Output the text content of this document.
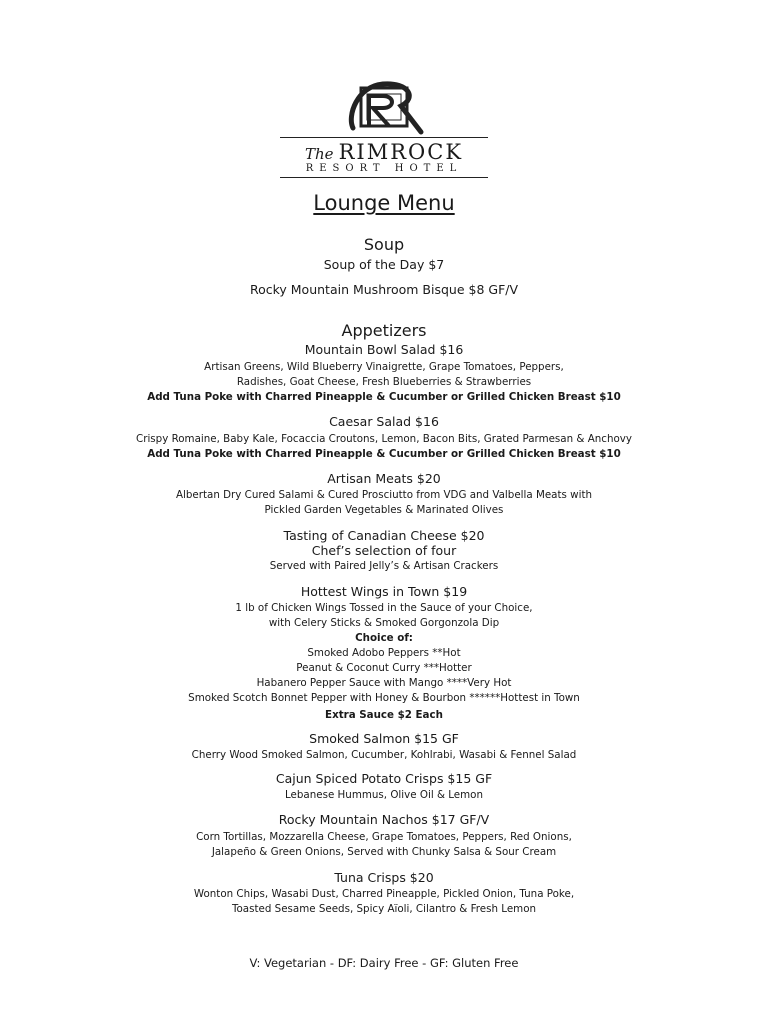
The RIMROCK
RESORT HOTEL
Lounge Menu
Soup
Soup of the Day $7
Rocky Mountain Mushroom Bisque $8 GF/V
Appetizers
Mountain Bowl Salad $16
Artisan Greens, Wild Blueberry Vinaigrette, Grape Tomatoes, Peppers,
Radishes, Goat Cheese, Fresh Blueberries & Strawberries
Add Tuna Poke with Charred Pineapple & Cucumber or Grilled Chicken Breast $10
Caesar Salad $16
Crispy Romaine, Baby Kale, Focaccia Croutons, Lemon, Bacon Bits, Grated Parmesan & Anchovy
Add Tuna Poke with Charred Pineapple & Cucumber or Grilled Chicken Breast $10
Artisan Meats $20
Albertan Dry Cured Salami & Cured Prosciutto from VDG and Valbella Meats with
Pickled Garden Vegetables & Marinated Olives
Tasting of Canadian Cheese $20
Chef’s selection of four
Served with Paired Jelly’s & Artisan Crackers
Hottest Wings in Town $19
1 lb of Chicken Wings Tossed in the Sauce of your Choice,
with Celery Sticks & Smoked Gorgonzola Dip
Choice of:
Smoked Adobo Peppers **Hot
Peanut & Coconut Curry ***Hotter
Habanero Pepper Sauce with Mango ****Very Hot
Smoked Scotch Bonnet Pepper with Honey & Bourbon ******Hottest in Town
Extra Sauce $2 Each
Smoked Salmon $15 GF
Cherry Wood Smoked Salmon, Cucumber, Kohlrabi, Wasabi & Fennel Salad
Cajun Spiced Potato Crisps $15 GF
Lebanese Hummus, Olive Oil & Lemon
Rocky Mountain Nachos $17 GF/V
Corn Tortillas, Mozzarella Cheese, Grape Tomatoes, Peppers, Red Onions,
Jalapeño & Green Onions, Served with Chunky Salsa & Sour Cream
Tuna Crisps $20
Wonton Chips, Wasabi Dust, Charred Pineapple, Pickled Onion, Tuna Poke,
Toasted Sesame Seeds, Spicy Aïoli, Cilantro & Fresh Lemon
V: Vegetarian - DF: Dairy Free - GF: Gluten Free
